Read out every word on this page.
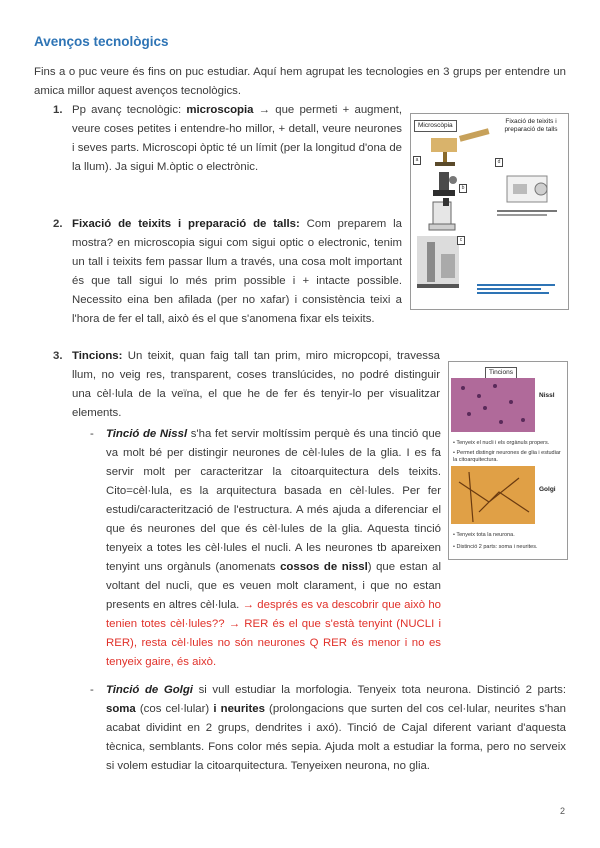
Avenços tecnològics

Fins a o puc veure és fins on puc estudiar. Aquí hem agrupat les tecnologies en 3 grups per entendre un amica millor aquest avenços tecnològics.

1. Pp avanç tecnològic: microscopia → que permeti + augment, veure coses petites i entendre-ho millor, + detall, veure neurones i seves parts. Microscopi òptic té un límit (per la longitud d'ona de la llum). Ja sigui M.òptic o electrònic.

Microscòpia
Fixació de teixits i preparació de talls
a
b
c
d
2. Fixació de teixits i preparació de talls: Com preparem la mostra? en microscopia sigui com sigui optic o electronic, tenim un tall i teixits fem passar llum a través, una cosa molt important és que tall sigui lo més prim possible i + intacte possible. Necessito eina ben afilada (per no xafar) i consistència teixi a l'hora de fer el tall, això és el que s'anomena fixar els teixits.

3. Tincions: Un teixit, quan faig tall tan prim, miro micropcopi, travessa llum, no veig res, transparent, coses translúcides, no podré distinguir una cèl·lula de la veïna, el que he de fer és tenyir-lo per visualitzar elements.

Tincions
Nissl
Golgi
• Tenyeix el nucli i els orgànuls propers.
• Permet distingir neurones de glia i estudiar la citoarquitectura.
• Tenyeix tota la neurona.
• Distinció 2 parts: soma i neurites.
- Tinció de Nissl s'ha fet servir moltíssim perquè és una tinció que va molt bé per distingir neurones de cèl·lules de la glia. I es fa servir molt per caracteritzar la citoarquitectura dels teixits. Cito=cèl·lula, es la arquitectura basada en cèl·lules. Per fer estudi/caracterització de l'estructura. A més ajuda a diferenciar el que és neurones del que és cèl·lules de la glia. Aquesta tinció tenyeix a totes les cèl·lules el nucli. A les neurones tb apareixen tenyint uns orgànuls (anomenats cossos de nissl) que estan al voltant del nucli, que es veuen molt clarament, i que no estan presents en altres cèl·lula. → després es va descobrir que això ho tenien totes cèl·lules?? → RER és el que s'està tenyint (NUCLI i RER), resta cèl·lules no són neurones Q RER és menor i no es tenyeix gaire, és això.

- Tinció de Golgi si vull estudiar la morfologia. Tenyeix tota neurona. Distinció 2 parts: soma (cos cel·lular) i neurites (prolongacions que surten del cos cel·lular, neurites s'han acabat dividint en 2 grups, dendrites i axó). Tinció de Cajal diferent variant d'aquesta tècnica, semblants. Fons color més sepia. Ajuda molt a estudiar la forma, pero no serveix si volem estudiar la citoarquitectura. Tenyeixen neurona, no glia.

2
